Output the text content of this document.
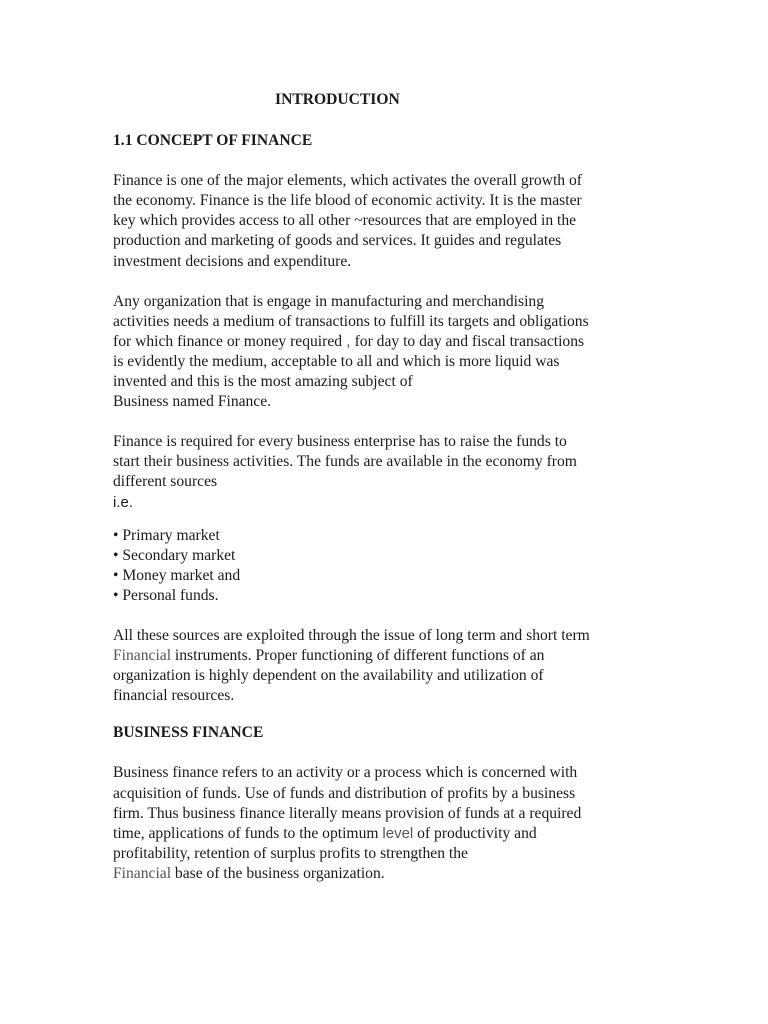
INTRODUCTION
1.1 CONCEPT OF FINANCE

Finance is one of the major elements, which activates the overall growth of
the economy. Finance is the life blood of economic activity. It is the master
key which provides access to all other ~resources that are employed in the
production and marketing of goods and services. It guides and regulates
investment decisions and expenditure.

Any organization that is engage in manufacturing and merchandising
activities needs a medium of transactions to fulfill its targets and obligations
for which finance or money required , for day to day and fiscal transactions
is evidently the medium, acceptable to all and which is more liquid was
invented and this is the most amazing subject of
Business named Finance.

Finance is required for every business enterprise has to raise the funds to
start their business activities. The funds are available in the economy from
different sources
i.e.

• Primary market
• Secondary market
• Money market and
• Personal funds.

All these sources are exploited through the issue of long term and short term
Financial instruments. Proper functioning of different functions of an
organization is highly dependent on the availability and utilization of
financial resources.

BUSINESS FINANCE

Business finance refers to an activity or a process which is concerned with
acquisition of funds. Use of funds and distribution of profits by a business
firm. Thus business finance literally means provision of funds at a required
time, applications of funds to the optimum level of productivity and
profitability, retention of surplus profits to strengthen the
Financial base of the business organization.
